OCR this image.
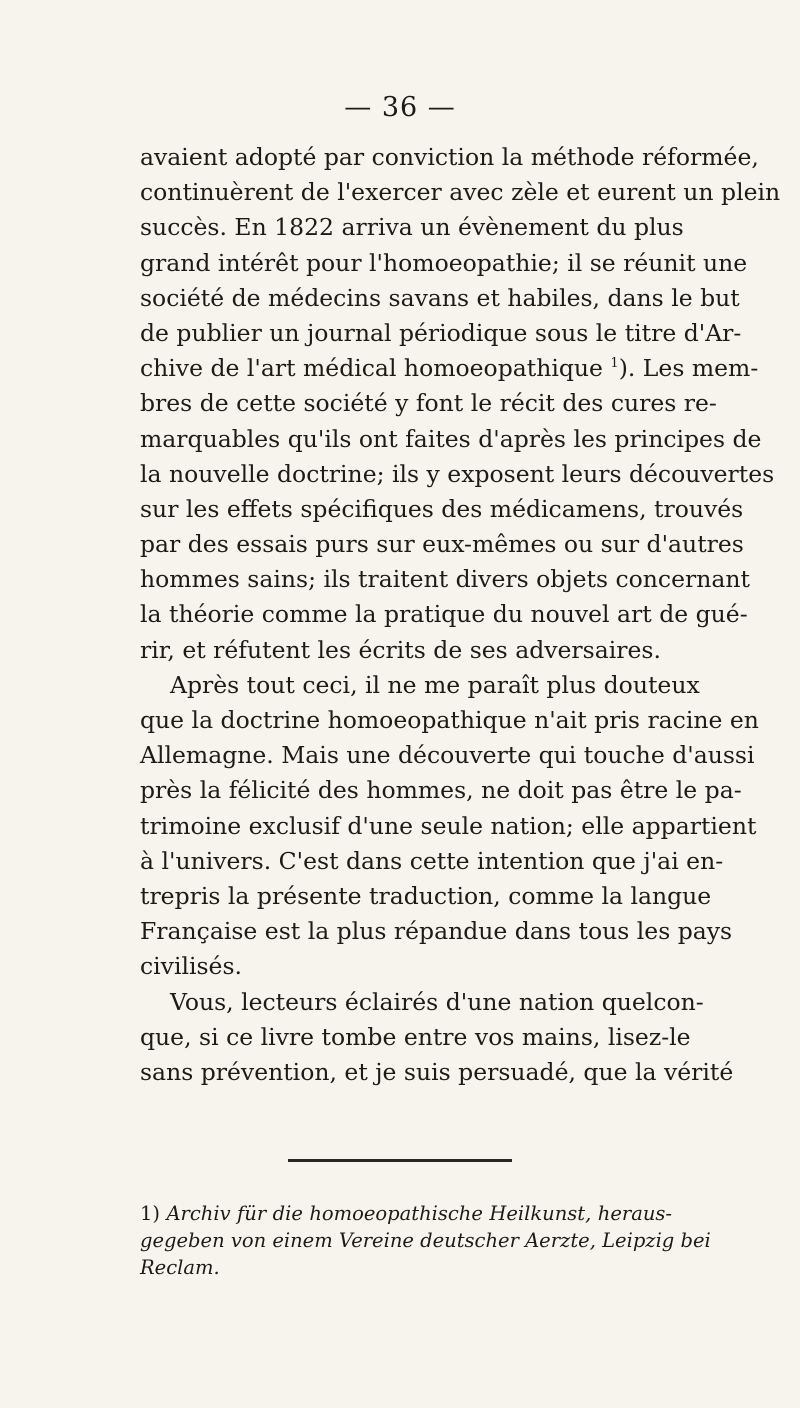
— 36 —
avaient adopté par conviction la méthode réformée,
continuèrent de l'exercer avec zèle et eurent un plein
succès. En 1822 arriva un évènement du plus
grand intérêt pour l'homoeopathie; il se réunit une
société de médecins savans et habiles, dans le but
de publier un journal périodique sous le titre d'Ar-
chive de l'art médical homoeopathique $^1$). Les mem-
bres de cette société y font le récit des cures re-
marquables qu'ils ont faites d'après les principes de
la nouvelle doctrine; ils y exposent leurs découvertes
sur les effets spécifiques des médicamens, trouvés
par des essais purs sur eux-mêmes ou sur d'autres
hommes sains; ils traitent divers objets concernant
la théorie comme la pratique du nouvel art de gué-
rir, et réfutent les écrits de ses adversaires.
Après tout ceci, il ne me paraît plus douteux
que la doctrine homoeopathique n'ait pris racine en
Allemagne. Mais une découverte qui touche d'aussi
près la félicité des hommes, ne doit pas être le pa-
trimoine exclusif d'une seule nation; elle appartient
à l'univers. C'est dans cette intention que j'ai en-
trepris la présente traduction, comme la langue
Française est la plus répandue dans tous les pays
civilisés.
Vous, lecteurs éclairés d'une nation quelcon-
que, si ce livre tombe entre vos mains, lisez-le
sans prévention, et je suis persuadé, que la vérité
1) Archiv für die homoeopathische Heilkunst, heraus-
gegeben von einem Vereine deutscher Aerzte, Leipzig bei
Reclam.
